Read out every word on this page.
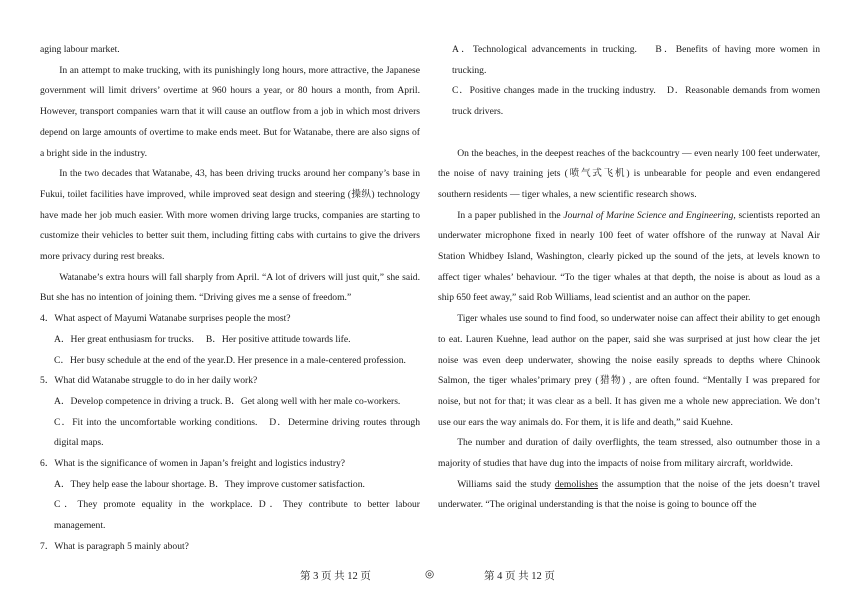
aging labour market.

In an attempt to make trucking, with its punishingly long hours, more attractive, the Japanese government will limit drivers’ overtime at 960 hours a year, or 80 hours a month, from April. However, transport companies warn that it will cause an outflow from a job in which most drivers depend on large amounts of overtime to make ends meet. But for Watanabe, there are also signs of a bright side in the industry.

In the two decades that Watanabe, 43, has been driving trucks around her company’s base in Fukui, toilet facilities have improved, while improved seat design and steering (操纵) technology have made her job much easier. With more women driving large trucks, companies are starting to customize their vehicles to better suit them, including fitting cabs with curtains to give the drivers more privacy during rest breaks.

Watanabe’s extra hours will fall sharply from April. “A lot of drivers will just quit,” she said. But she has no intention of joining them. “Driving gives me a sense of freedom.”

4．What aspect of Mayumi Watanabe surprises people the most?

A．Her great enthusiasm for trucks.　 B．Her positive attitude towards life.

C．Her busy schedule at the end of the year.D. Her presence in a male-centered profession.

5．What did Watanabe struggle to do in her daily work?

A．Develop competence in driving a truck. B．Get along well with her male co-workers.

C．Fit into the uncomfortable working conditions.　D．Determine driving routes through digital maps.

6．What is the significance of women in Japan’s freight and logistics industry?

A．They help ease the labour shortage. B．They improve customer satisfaction.

C．They promote equality in the workplace. D．They contribute to better labour management.

7．What is paragraph 5 mainly about?

A．Technological advancements in trucking.　 B．Benefits of having more women in trucking.

C．Positive changes made in the trucking industry.　D．Reasonable demands from women truck drivers.

On the beaches, in the deepest reaches of the backcountry — even nearly 100 feet underwater, the noise of navy training jets (喷气式飞机) is unbearable for people and even endangered southern residents — tiger whales, a new scientific research shows.

In a paper published in the Journal of Marine Science and Engineering, scientists reported an underwater microphone fixed in nearly 100 feet of water offshore of the runway at Naval Air Station Whidbey Island, Washington, clearly picked up the sound of the jets, at levels known to affect tiger whales’ behaviour. “To the tiger whales at that depth, the noise is about as loud as a ship 650 feet away,” said Rob Williams, lead scientist and an author on the paper.

Tiger whales use sound to find food, so underwater noise can affect their ability to get enough to eat. Lauren Kuehne, lead author on the paper, said she was surprised at just how clear the jet noise was even deep underwater, showing the noise easily spreads to depths where Chinook Salmon, the tiger whales’primary prey (猎物) , are often found. “Mentally I was prepared for noise, but not for that; it was clear as a bell. It has given me a whole new appreciation. We don’t use our ears the way animals do. For them, it is life and death,” said Kuehne.

The number and duration of daily overflights, the team stressed, also outnumber those in a majority of studies that have dug into the impacts of noise from military aircraft, worldwide.

Williams said the study demolishes the assumption that the noise of the jets doesn’t travel underwater. “The original understanding is that the noise is going to bounce off the

第 3 页 共 12 页	◎	第 4 页 共 12 页
